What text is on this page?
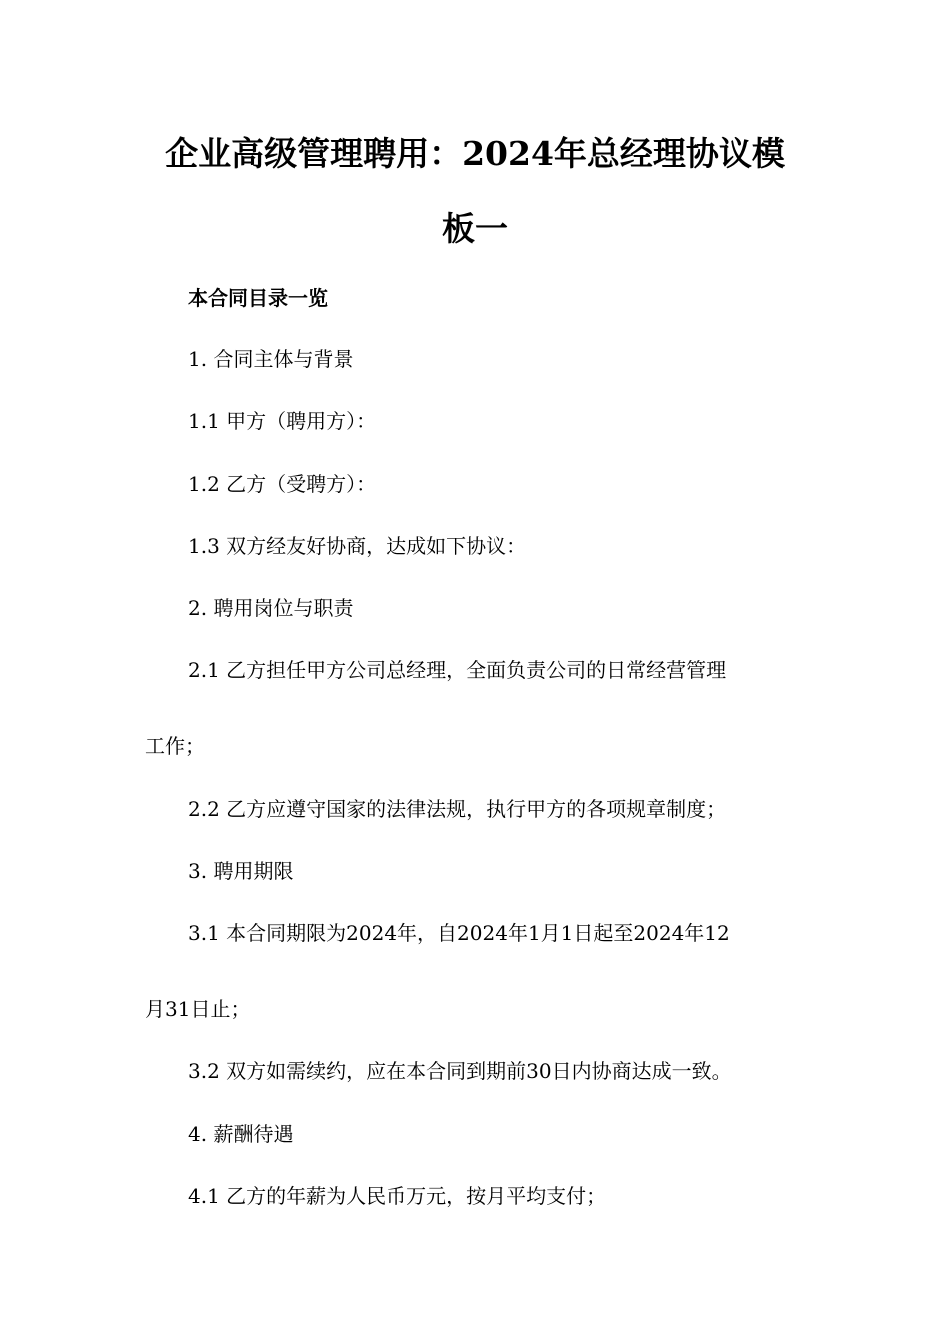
企业高级管理聘用：2024年总经理协议模
板一

本合同目录一览

1. 合同主体与背景

1.1 甲方（聘用方）：

1.2 乙方（受聘方）：

1.3 双方经友好协商，达成如下协议：

2. 聘用岗位与职责

2.1 乙方担任甲方公司总经理，全面负责公司的日常经营管理

工作；

2.2 乙方应遵守国家的法律法规，执行甲方的各项规章制度；

3. 聘用期限

3.1 本合同期限为2024年，自2024年1月1日起至2024年12

月31日止；

3.2 双方如需续约，应在本合同到期前30日内协商达成一致。

4. 薪酬待遇

4.1 乙方的年薪为人民币万元，按月平均支付；
